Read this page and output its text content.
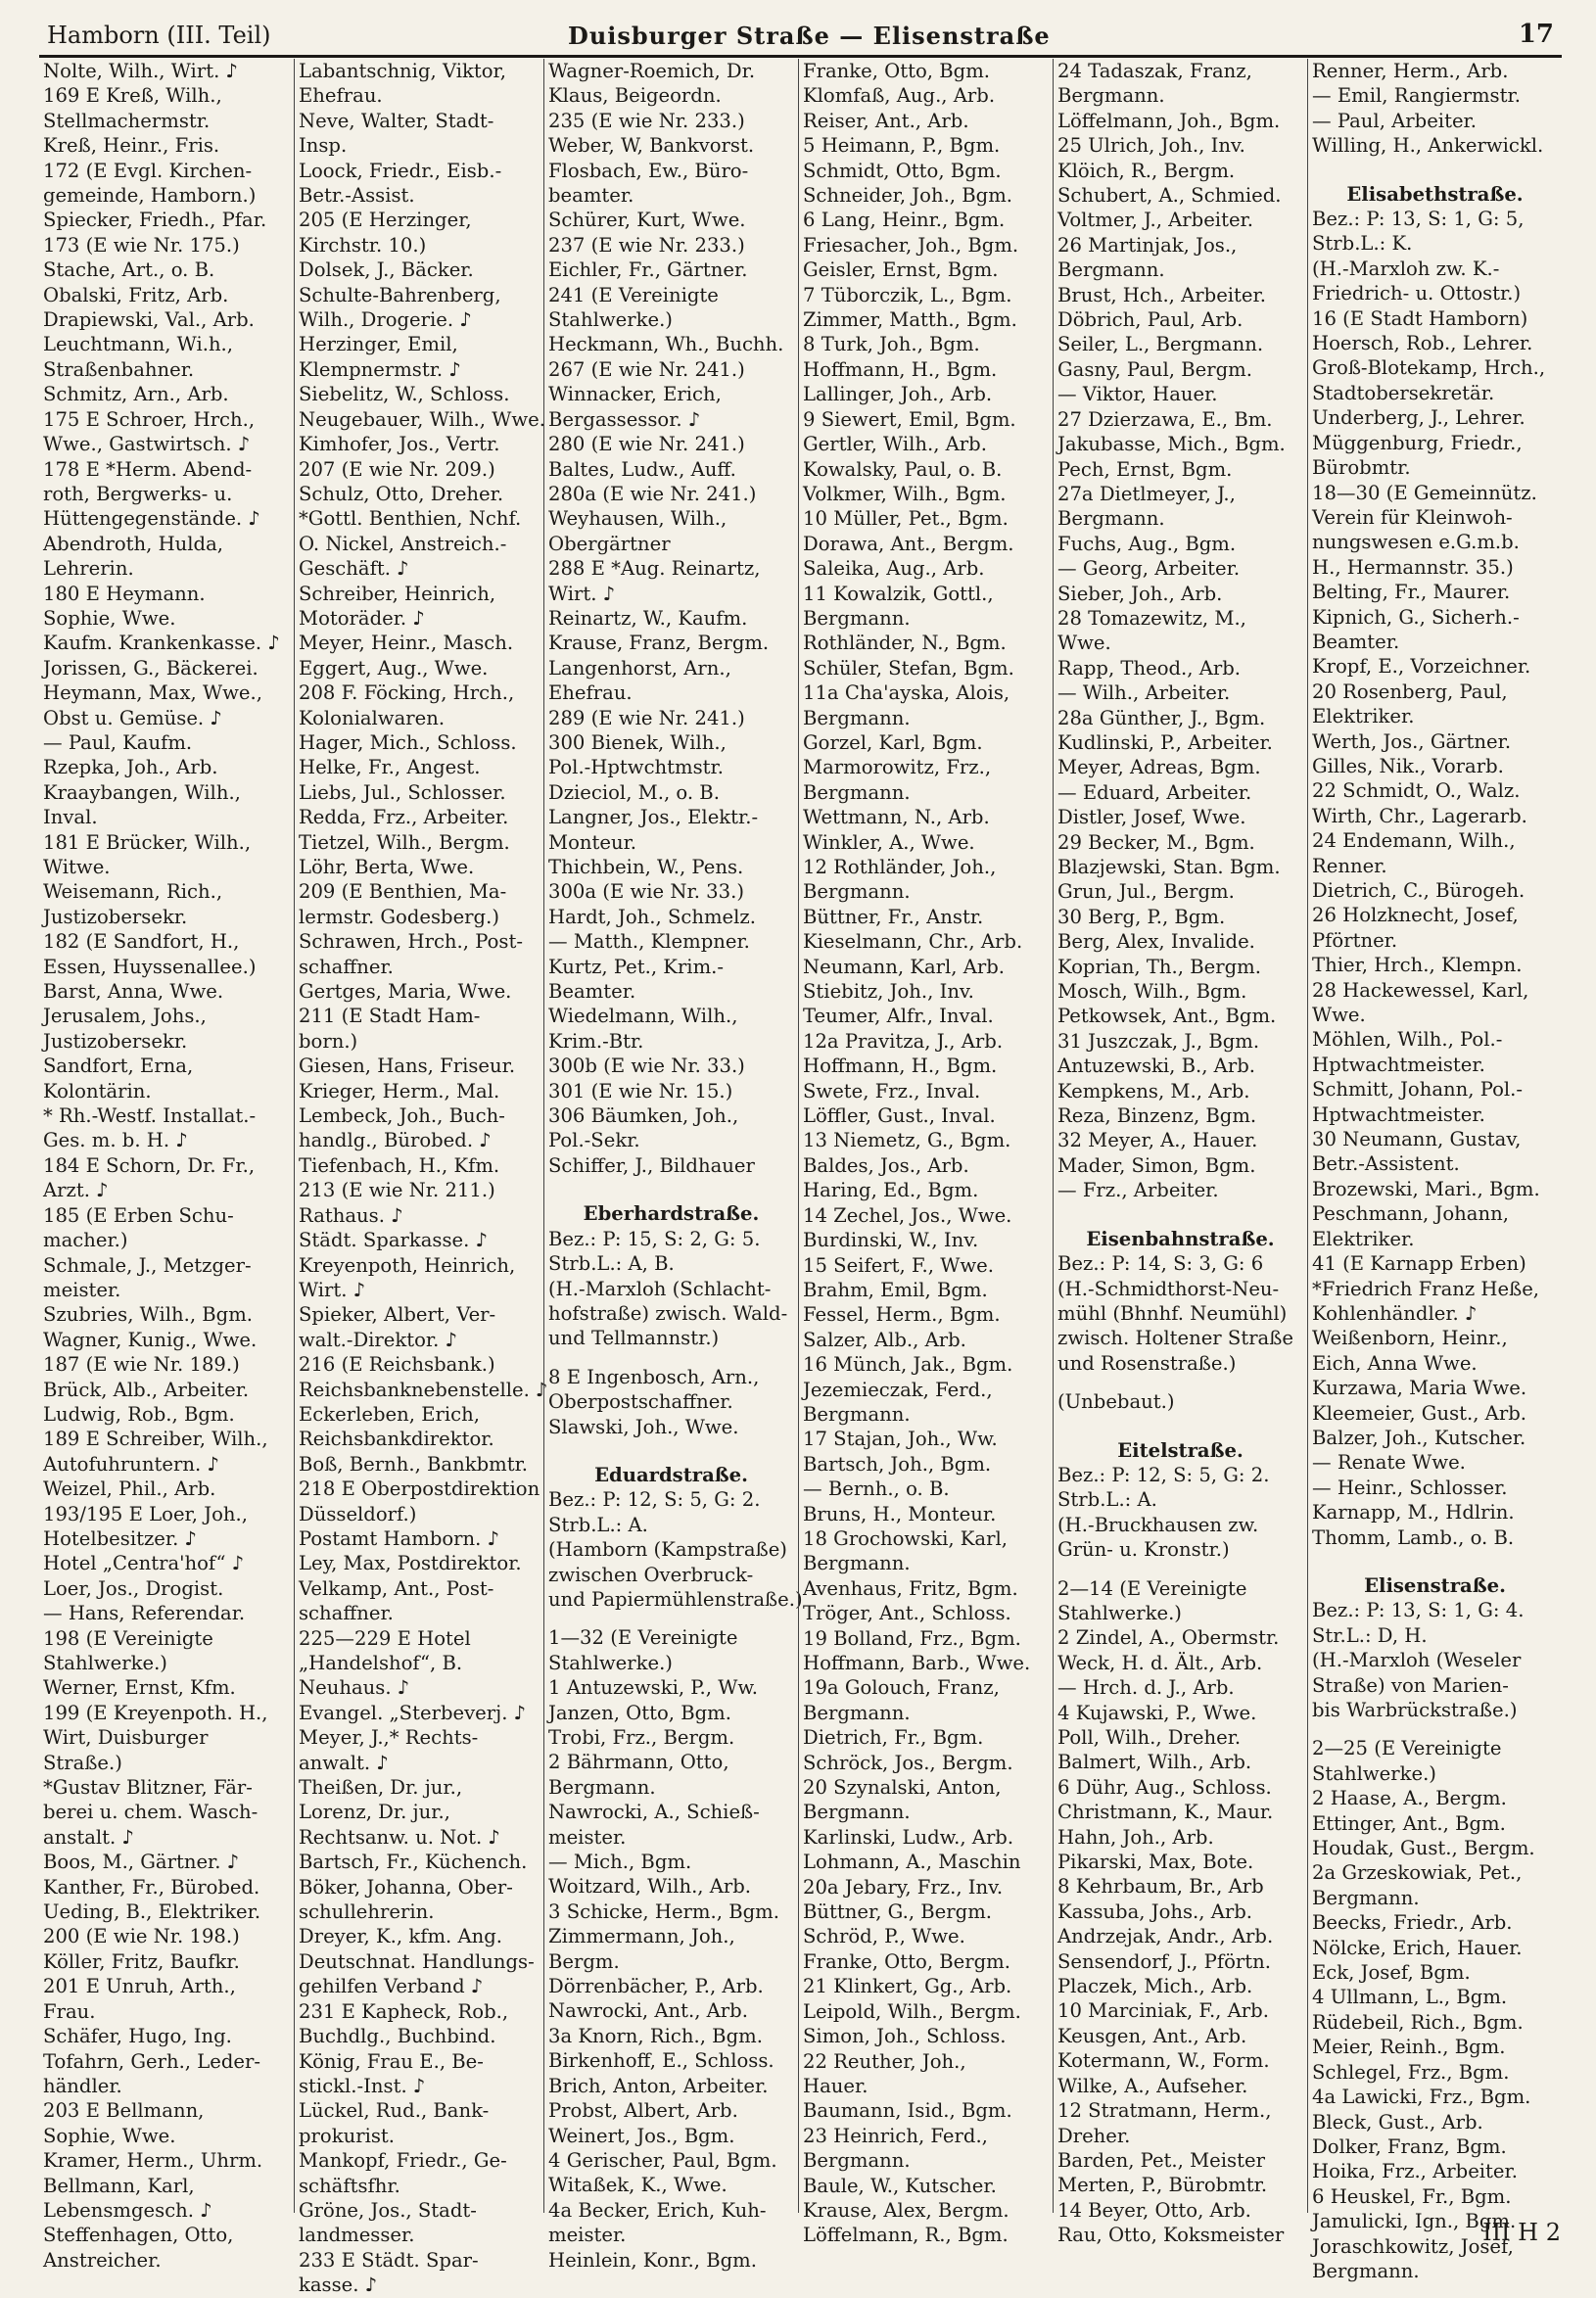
Hamborn (III. Teil)	Duisburger Straße — Elisenstraße	17
Nolte, Wilh., Wirt. ♪
169 E Kreß, Wilh.,
Stellmachermstr.
Kreß, Heinr., Fris.
172 (E Evgl. Kirchen-
gemeinde, Hamborn.)
Spiecker, Friedh., Pfar.
173 (E wie Nr. 175.)
Stache, Art., o. B.
Obalski, Fritz, Arb.
Drapiewski, Val., Arb.
Leuchtmann, Wi.h.,
Straßenbahner.
Schmitz, Arn., Arb.
175 E Schroer, Hrch.,
Wwe., Gastwirtsch. ♪
178 E *Herm. Abend-
roth, Bergwerks- u.
Hüttengegenstände. ♪
Abendroth, Hulda,
Lehrerin.
180 E Heymann.
Sophie, Wwe.
Kaufm. Krankenkasse. ♪
Jorissen, G., Bäckerei.
Heymann, Max, Wwe.,
Obst u. Gemüse. ♪
— Paul, Kaufm.
Rzepka, Joh., Arb.
Kraaybangen, Wilh.,
Inval.
181 E Brücker, Wilh.,
Witwe.
Weisemann, Rich.,
Justizobersekr.
182 (E Sandfort, H.,
Essen, Huyssenallee.)
Barst, Anna, Wwe.
Jerusalem, Johs.,
Justizobersekr.
Sandfort, Erna,
Kolontärin.
* Rh.-Westf. Installat.-
Ges. m. b. H. ♪
184 E Schorn, Dr. Fr.,
Arzt. ♪
185 (E Erben Schu-
macher.)
Schmale, J., Metzger-
meister.
Szubries, Wilh., Bgm.
Wagner, Kunig., Wwe.
187 (E wie Nr. 189.)
Brück, Alb., Arbeiter.
Ludwig, Rob., Bgm.
189 E Schreiber, Wilh.,
Autofuhruntern. ♪
Weizel, Phil., Arb.
193/195 E Loer, Joh.,
Hotelbesitzer. ♪
Hotel „Centra'hof“ ♪
Loer, Jos., Drogist.
— Hans, Referendar.
198 (E Vereinigte
Stahlwerke.)
Werner, Ernst, Kfm.
199 (E Kreyenpoth. H.,
Wirt, Duisburger
Straße.)
*Gustav Blitzner, Fär-
berei u. chem. Wasch-
anstalt. ♪
Boos, M., Gärtner. ♪
Kanther, Fr., Bürobed.
Ueding, B., Elektriker.
200 (E wie Nr. 198.)
Köller, Fritz, Baufkr.
201 E Unruh, Arth.,
Frau.
Schäfer, Hugo, Ing.
Tofahrn, Gerh., Leder-
händler.
203 E Bellmann,
Sophie, Wwe.
Kramer, Herm., Uhrm.
Bellmann, Karl,
Lebensmgesch. ♪
Steffenhagen, Otto,
Anstreicher.
Labantschnig, Viktor,
Ehefrau.
Neve, Walter, Stadt-
Insp.
Loock, Friedr., Eisb.-
Betr.-Assist.
205 (E Herzinger,
Kirchstr. 10.)
Dolsek, J., Bäcker.
Schulte-Bahrenberg,
Wilh., Drogerie. ♪
Herzinger, Emil,
Klempnermstr. ♪
Siebelitz, W., Schloss.
Neugebauer, Wilh., Wwe.
Kimhofer, Jos., Vertr.
207 (E wie Nr. 209.)
Schulz, Otto, Dreher.
*Gottl. Benthien, Nchf.
O. Nickel, Anstreich.-
Geschäft. ♪
Schreiber, Heinrich,
Motoräder. ♪
Meyer, Heinr., Masch.
Eggert, Aug., Wwe.
208 F. Föcking, Hrch.,
Kolonialwaren.
Hager, Mich., Schloss.
Helke, Fr., Angest.
Liebs, Jul., Schlosser.
Redda, Frz., Arbeiter.
Tietzel, Wilh., Bergm.
Löhr, Berta, Wwe.
209 (E Benthien, Ma-
lermstr. Godesberg.)
Schrawen, Hrch., Post-
schaffner.
Gertges, Maria, Wwe.
211 (E Stadt Ham-
born.)
Giesen, Hans, Friseur.
Krieger, Herm., Mal.
Lembeck, Joh., Buch-
handlg., Bürobed. ♪
Tiefenbach, H., Kfm.
213 (E wie Nr. 211.)
Rathaus. ♪
Städt. Sparkasse. ♪
Kreyenpoth, Heinrich,
Wirt. ♪
Spieker, Albert, Ver-
walt.-Direktor. ♪
216 (E Reichsbank.)
Reichsbanknebenstelle. ♪
Eckerleben, Erich,
Reichsbankdirektor.
Boß, Bernh., Bankbmtr.
218 E Oberpostdirektion
Düsseldorf.)
Postamt Hamborn. ♪
Ley, Max, Postdirektor.
Velkamp, Ant., Post-
schaffner.
225—229 E Hotel
„Handelshof“, B.
Neuhaus. ♪
Evangel. „Sterbeverj. ♪
Meyer, J.,* Rechts-
anwalt. ♪
Theißen, Dr. jur.,
Lorenz, Dr. jur.,
Rechtsanw. u. Not. ♪
Bartsch, Fr., Küchench.
Böker, Johanna, Ober-
schullehrerin.
Dreyer, K., kfm. Ang.
Deutschnat. Handlungs-
gehilfen Verband ♪
231 E Kapheck, Rob.,
Buchdlg., Buchbind.
König, Frau E., Be-
stickl.-Inst. ♪
Lückel, Rud., Bank-
prokurist.
Mankopf, Friedr., Ge-
schäftsfhr.
Gröne, Jos., Stadt-
landmesser.
233 E Städt. Spar-
kasse. ♪
Wagner-Roemich, Dr.
Klaus, Beigeordn.
235 (E wie Nr. 233.)
Weber, W, Bankvorst.
Flosbach, Ew., Büro-
beamter.
Schürer, Kurt, Wwe.
237 (E wie Nr. 233.)
Eichler, Fr., Gärtner.
241 (E Vereinigte
Stahlwerke.)
Heckmann, Wh., Buchh.
267 (E wie Nr. 241.)
Winnacker, Erich,
Bergassessor. ♪
280 (E wie Nr. 241.)
Baltes, Ludw., Auff.
280a (E wie Nr. 241.)
Weyhausen, Wilh.,
Obergärtner
288 E *Aug. Reinartz,
Wirt. ♪
Reinartz, W., Kaufm.
Krause, Franz, Bergm.
Langenhorst, Arn.,
Ehefrau.
289 (E wie Nr. 241.)
300 Bienek, Wilh.,
Pol.-Hptwchtmstr.
Dzieciol, M., o. B.
Langner, Jos., Elektr.-
Monteur.
Thichbein, W., Pens.
300a (E wie Nr. 33.)
Hardt, Joh., Schmelz.
— Matth., Klempner.
Kurtz, Pet., Krim.-
Beamter.
Wiedelmann, Wilh.,
Krim.-Btr.
300b (E wie Nr. 33.)
301 (E wie Nr. 15.)
306 Bäumken, Joh.,
Pol.-Sekr.
Schiffer, J., Bildhauer
Eberhardstraße.
Bez.: P: 15, S: 2, G: 5.
Strb.L.: A, B.
(H.-Marxloh (Schlacht-
hofstraße) zwisch. Wald-
und Tellmannstr.)
8 E Ingenbosch, Arn.,
Oberpostschaffner.
Slawski, Joh., Wwe.
Eduardstraße.
Bez.: P: 12, S: 5, G: 2.
Strb.L.: A.
(Hamborn (Kampstraße)
zwischen Overbruck-
und Papiermühlenstraße.)
1—32 (E Vereinigte
Stahlwerke.)
1 Antuzewski, P., Ww.
Janzen, Otto, Bgm.
Trobi, Frz., Bergm.
2 Bährmann, Otto,
Bergmann.
Nawrocki, A., Schieß-
meister.
— Mich., Bgm.
Woitzard, Wilh., Arb.
3 Schicke, Herm., Bgm.
Zimmermann, Joh.,
Bergm.
Dörrenbächer, P., Arb.
Nawrocki, Ant., Arb.
3a Knorn, Rich., Bgm.
Birkenhoff, E., Schloss.
Brich, Anton, Arbeiter.
Probst, Albert, Arb.
Weinert, Jos., Bgm.
4 Gerischer, Paul, Bgm.
Witaßek, K., Wwe.
4a Becker, Erich, Kuh-
meister.
Heinlein, Konr., Bgm.
Franke, Otto, Bgm.
Klomfaß, Aug., Arb.
Reiser, Ant., Arb.
5 Heimann, P., Bgm.
Schmidt, Otto, Bgm.
Schneider, Joh., Bgm.
6 Lang, Heinr., Bgm.
Friesacher, Joh., Bgm.
Geisler, Ernst, Bgm.
7 Tüborczik, L., Bgm.
Zimmer, Matth., Bgm.
8 Turk, Joh., Bgm.
Hoffmann, H., Bgm.
Lallinger, Joh., Arb.
9 Siewert, Emil, Bgm.
Gertler, Wilh., Arb.
Kowalsky, Paul, o. B.
Volkmer, Wilh., Bgm.
10 Müller, Pet., Bgm.
Dorawa, Ant., Bergm.
Saleika, Aug., Arb.
11 Kowalzik, Gottl.,
Bergmann.
Rothländer, N., Bgm.
Schüler, Stefan, Bgm.
11a Cha'ayska, Alois,
Bergmann.
Gorzel, Karl, Bgm.
Marmorowitz, Frz.,
Bergmann.
Wettmann, N., Arb.
Winkler, A., Wwe.
12 Rothländer, Joh.,
Bergmann.
Büttner, Fr., Anstr.
Kieselmann, Chr., Arb.
Neumann, Karl, Arb.
Stiebitz, Joh., Inv.
Teumer, Alfr., Inval.
12a Pravitza, J., Arb.
Hoffmann, H., Bgm.
Swete, Frz., Inval.
Löffler, Gust., Inval.
13 Niemetz, G., Bgm.
Baldes, Jos., Arb.
Haring, Ed., Bgm.
14 Zechel, Jos., Wwe.
Burdinski, W., Inv.
15 Seifert, F., Wwe.
Brahm, Emil, Bgm.
Fessel, Herm., Bgm.
Salzer, Alb., Arb.
16 Münch, Jak., Bgm.
Jezemieczak, Ferd.,
Bergmann.
17 Stajan, Joh., Ww.
Bartsch, Joh., Bgm.
— Bernh., o. B.
Bruns, H., Monteur.
18 Grochowski, Karl,
Bergmann.
Avenhaus, Fritz, Bgm.
Tröger, Ant., Schloss.
19 Bolland, Frz., Bgm.
Hoffmann, Barb., Wwe.
19a Golouch, Franz,
Bergmann.
Dietrich, Fr., Bgm.
Schröck, Jos., Bergm.
20 Szynalski, Anton,
Bergmann.
Karlinski, Ludw., Arb.
Lohmann, A., Maschin
20a Jebary, Frz., Inv.
Büttner, G., Bergm.
Schröd, P., Wwe.
Franke, Otto, Bergm.
21 Klinkert, Gg., Arb.
Leipold, Wilh., Bergm.
Simon, Joh., Schloss.
22 Reuther, Joh.,
Hauer.
Baumann, Isid., Bgm.
23 Heinrich, Ferd.,
Bergmann.
Baule, W., Kutscher.
Krause, Alex, Bergm.
Löffelmann, R., Bgm.
24 Tadaszak, Franz,
Bergmann.
Löffelmann, Joh., Bgm.
25 Ulrich, Joh., Inv.
Klöich, R., Bergm.
Schubert, A., Schmied.
Voltmer, J., Arbeiter.
26 Martinjak, Jos.,
Bergmann.
Brust, Hch., Arbeiter.
Döbrich, Paul, Arb.
Seiler, L., Bergmann.
Gasny, Paul, Bergm.
— Viktor, Hauer.
27 Dzierzawa, E., Bm.
Jakubasse, Mich., Bgm.
Pech, Ernst, Bgm.
27a Dietlmeyer, J.,
Bergmann.
Fuchs, Aug., Bgm.
— Georg, Arbeiter.
Sieber, Joh., Arb.
28 Tomazewitz, M.,
Wwe.
Rapp, Theod., Arb.
— Wilh., Arbeiter.
28a Günther, J., Bgm.
Kudlinski, P., Arbeiter.
Meyer, Adreas, Bgm.
— Eduard, Arbeiter.
Distler, Josef, Wwe.
29 Becker, M., Bgm.
Blazjewski, Stan. Bgm.
Grun, Jul., Bergm.
30 Berg, P., Bgm.
Berg, Alex, Invalide.
Koprian, Th., Bergm.
Mosch, Wilh., Bgm.
Petkowsek, Ant., Bgm.
31 Juszczak, J., Bgm.
Antuzewski, B., Arb.
Kempkens, M., Arb.
Reza, Binzenz, Bgm.
32 Meyer, A., Hauer.
Mader, Simon, Bgm.
— Frz., Arbeiter.
Eisenbahnstraße.
Bez.: P: 14, S: 3, G: 6
(H.-Schmidthorst-Neu-
mühl (Bhnhf. Neumühl)
zwisch. Holtener Straße
und Rosenstraße.)
(Unbebaut.)
Eitelstraße.
Bez.: P: 12, S: 5, G: 2.
Strb.L.: A.
(H.-Bruckhausen zw.
Grün- u. Kronstr.)
2—14 (E Vereinigte
Stahlwerke.)
2 Zindel, A., Obermstr.
Weck, H. d. Ält., Arb.
— Hrch. d. J., Arb.
4 Kujawski, P., Wwe.
Poll, Wilh., Dreher.
Balmert, Wilh., Arb.
6 Dühr, Aug., Schloss.
Christmann, K., Maur.
Hahn, Joh., Arb.
Pikarski, Max, Bote.
8 Kehrbaum, Br., Arb
Kassuba, Johs., Arb.
Andrzejak, Andr., Arb.
Sensendorf, J., Pförtn.
Placzek, Mich., Arb.
10 Marciniak, F., Arb.
Keusgen, Ant., Arb.
Kotermann, W., Form.
Wilke, A., Aufseher.
12 Stratmann, Herm.,
Dreher.
Barden, Pet., Meister
Merten, P., Bürobmtr.
14 Beyer, Otto, Arb.
Rau, Otto, Koksmeister
Renner, Herm., Arb.
— Emil, Rangiermstr.
— Paul, Arbeiter.
Willing, H., Ankerwickl.
Elisabethstraße.
Bez.: P: 13, S: 1, G: 5,
Strb.L.: K.
(H.-Marxloh zw. K.-
Friedrich- u. Ottostr.)
16 (E Stadt Hamborn)
Hoersch, Rob., Lehrer.
Groß-Blotekamp, Hrch.,
Stadtobersekretär.
Underberg, J., Lehrer.
Müggenburg, Friedr.,
Bürobmtr.
18—30 (E Gemeinnütz.
Verein für Kleinwoh-
nungswesen e.G.m.b.
H., Hermannstr. 35.)
Belting, Fr., Maurer.
Kipnich, G., Sicherh.-
Beamter.
Kropf, E., Vorzeichner.
20 Rosenberg, Paul,
Elektriker.
Werth, Jos., Gärtner.
Gilles, Nik., Vorarb.
22 Schmidt, O., Walz.
Wirth, Chr., Lagerarb.
24 Endemann, Wilh.,
Renner.
Dietrich, C., Bürogeh.
26 Holzknecht, Josef,
Pförtner.
Thier, Hrch., Klempn.
28 Hackewessel, Karl,
Wwe.
Möhlen, Wilh., Pol.-
Hptwachtmeister.
Schmitt, Johann, Pol.-
Hptwachtmeister.
30 Neumann, Gustav,
Betr.-Assistent.
Brozewski, Mari., Bgm.
Peschmann, Johann,
Elektriker.
41 (E Karnapp Erben)
*Friedrich Franz Heße,
Kohlenhändler. ♪
Weißenborn, Heinr.,
Eich, Anna Wwe.
Kurzawa, Maria Wwe.
Kleemeier, Gust., Arb.
Balzer, Joh., Kutscher.
— Renate Wwe.
— Heinr., Schlosser.
Karnapp, M., Hdlrin.
Thomm, Lamb., o. B.
Elisenstraße.
Bez.: P: 13, S: 1, G: 4.
Str.L.: D, H.
(H.-Marxloh (Weseler
Straße) von Marien-
bis Warbrückstraße.)
2—25 (E Vereinigte
Stahlwerke.)
2 Haase, A., Bergm.
Ettinger, Ant., Bgm.
Houdak, Gust., Bergm.
2a Grzeskowiak, Pet.,
Bergmann.
Beecks, Friedr., Arb.
Nölcke, Erich, Hauer.
Eck, Josef, Bgm.
4 Ullmann, L., Bgm.
Rüdebeil, Rich., Bgm.
Meier, Reinh., Bgm.
Schlegel, Frz., Bgm.
4a Lawicki, Frz., Bgm.
Bleck, Gust., Arb.
Dolker, Franz, Bgm.
Hoika, Frz., Arbeiter.
6 Heuskel, Fr., Bgm.
Jamulicki, Ign., Bgm.
Joraschkowitz, Josef,
Bergmann.
III H 2
